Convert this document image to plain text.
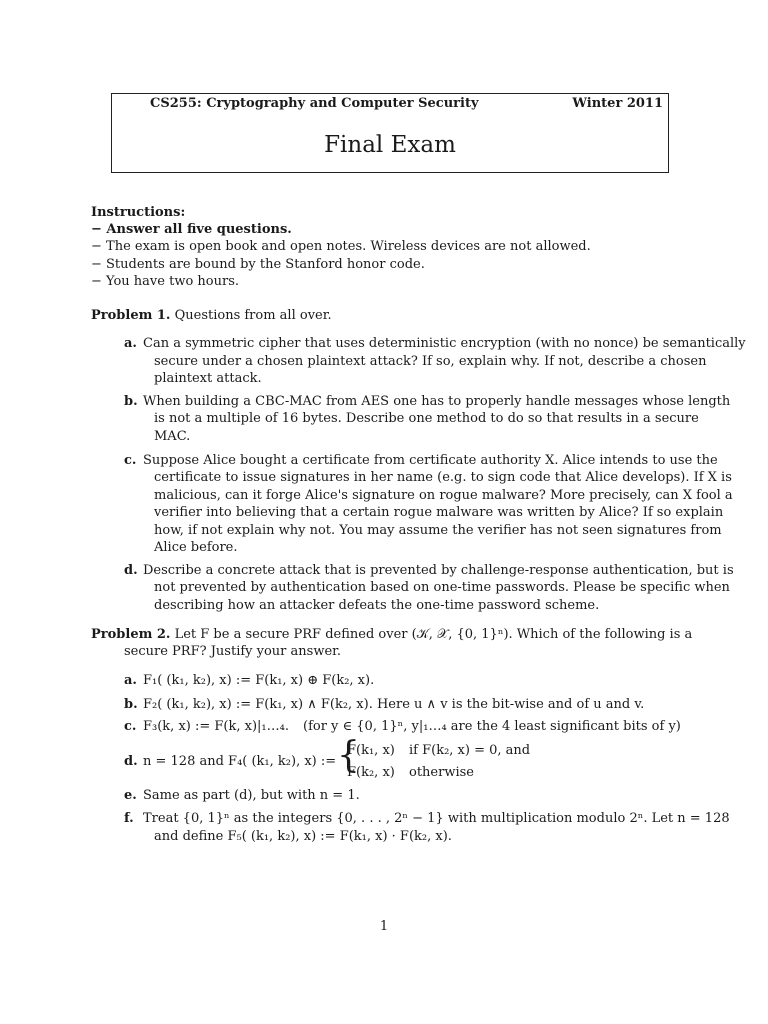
CS255: Cryptography and Computer Security	Winter 2011
Final Exam
Instructions:
− Answer all five questions.
− The exam is open book and open notes. Wireless devices are not allowed.
− Students are bound by the Stanford honor code.
− You have two hours.
Problem 1. Questions from all over.
a. Can a symmetric cipher that uses deterministic encryption (with no nonce) be semantically
secure under a chosen plaintext attack? If so, explain why. If not, describe a chosen
plaintext attack.
b. When building a CBC-MAC from AES one has to properly handle messages whose length
is not a multiple of 16 bytes. Describe one method to do so that results in a secure
MAC.
c. Suppose Alice bought a certificate from certificate authority X. Alice intends to use the
certificate to issue signatures in her name (e.g. to sign code that Alice develops). If X is
malicious, can it forge Alice's signature on rogue malware? More precisely, can X fool a
verifier into believing that a certain rogue malware was written by Alice? If so explain
how, if not explain why not. You may assume the verifier has not seen signatures from
Alice before.
d. Describe a concrete attack that is prevented by challenge-response authentication, but is
not prevented by authentication based on one-time passwords. Please be specific when
describing how an attacker defeats the one-time password scheme.
Problem 2. Let F be a secure PRF defined over (𝒦, 𝒳, {0, 1}ⁿ). Which of the following is a
secure PRF? Justify your answer.
a. F₁( (k₁, k₂), x) := F(k₁, x) ⊕ F(k₂, x).
b. F₂( (k₁, k₂), x) := F(k₁, x) ∧ F(k₂, x). Here u ∧ v is the bit-wise and of u and v.
c. F₃(k, x) := F(k, x)|₁…₄. (for y ∈ {0, 1}ⁿ, y|₁…₄ are the 4 least significant bits of y)
d. n = 128 and F₄( (k₁, k₂), x) := {
F(k₁, x) if F(k₂, x) = 0, and
F(k₂, x) otherwise
e. Same as part (d), but with n = 1.
f. Treat {0, 1}ⁿ as the integers {0, . . . , 2ⁿ − 1} with multiplication modulo 2ⁿ. Let n = 128
and define F₅( (k₁, k₂), x) := F(k₁, x) · F(k₂, x).
1
